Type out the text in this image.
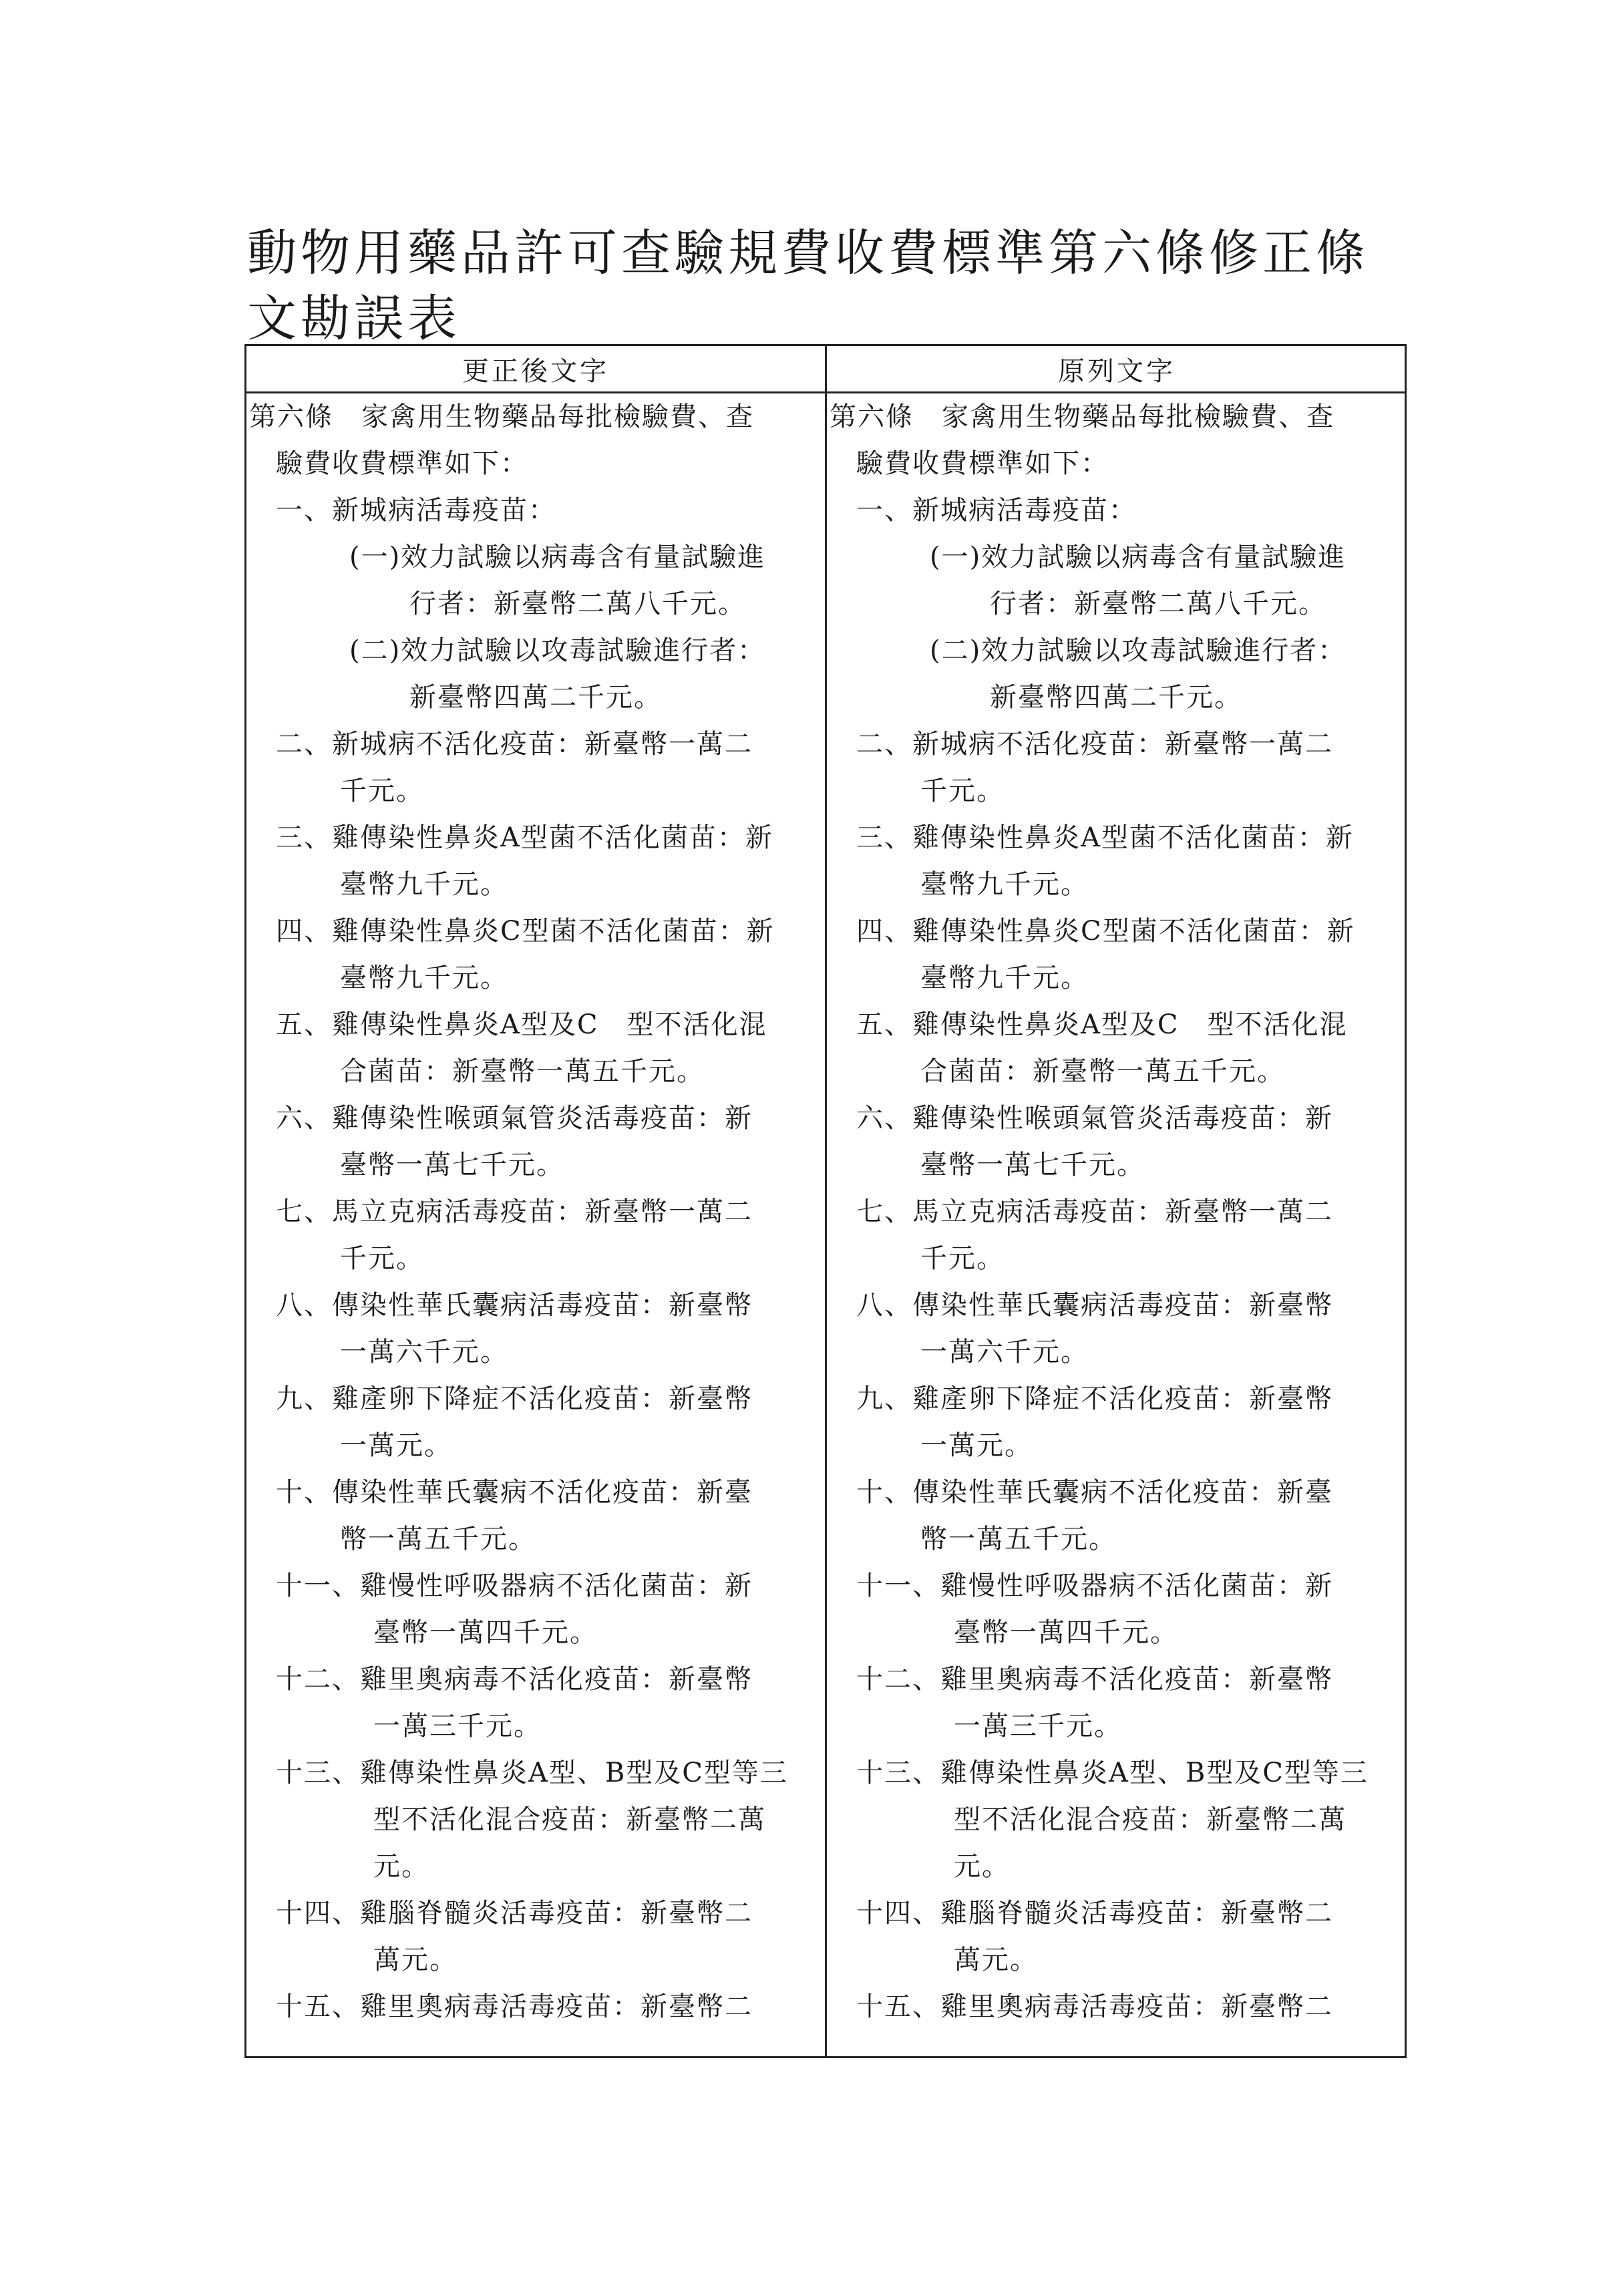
動物用藥品許可查驗規費收費標準第六條修正條
文勘誤表
更正後文字	原列文字
第六條　家禽用生物藥品每批檢驗費、查
驗費收費標準如下：
一、新城病活毒疫苗：
(一)效力試驗以病毒含有量試驗進
行者：新臺幣二萬八千元。
(二)效力試驗以攻毒試驗進行者：
新臺幣四萬二千元。
二、新城病不活化疫苗：新臺幣一萬二
千元。
三、雞傳染性鼻炎A型菌不活化菌苗：新
臺幣九千元。
四、雞傳染性鼻炎C型菌不活化菌苗：新
臺幣九千元。
五、雞傳染性鼻炎A型及C　型不活化混
合菌苗：新臺幣一萬五千元。
六、雞傳染性喉頭氣管炎活毒疫苗：新
臺幣一萬七千元。
七、馬立克病活毒疫苗：新臺幣一萬二
千元。
八、傳染性華氏囊病活毒疫苗：新臺幣
一萬六千元。
九、雞產卵下降症不活化疫苗：新臺幣
一萬元。
十、傳染性華氏囊病不活化疫苗：新臺
幣一萬五千元。
十一、雞慢性呼吸器病不活化菌苗：新
臺幣一萬四千元。
十二、雞里奧病毒不活化疫苗：新臺幣
一萬三千元。
十三、雞傳染性鼻炎A型、B型及C型等三
型不活化混合疫苗：新臺幣二萬
元。
十四、雞腦脊髓炎活毒疫苗：新臺幣二
萬元。
十五、雞里奧病毒活毒疫苗：新臺幣二
第六條　家禽用生物藥品每批檢驗費、查
驗費收費標準如下：
一、新城病活毒疫苗：
(一)效力試驗以病毒含有量試驗進
行者：新臺幣二萬八千元。
(二)效力試驗以攻毒試驗進行者：
新臺幣四萬二千元。
二、新城病不活化疫苗：新臺幣一萬二
千元。
三、雞傳染性鼻炎A型菌不活化菌苗：新
臺幣九千元。
四、雞傳染性鼻炎C型菌不活化菌苗：新
臺幣九千元。
五、雞傳染性鼻炎A型及C　型不活化混
合菌苗：新臺幣一萬五千元。
六、雞傳染性喉頭氣管炎活毒疫苗：新
臺幣一萬七千元。
七、馬立克病活毒疫苗：新臺幣一萬二
千元。
八、傳染性華氏囊病活毒疫苗：新臺幣
一萬六千元。
九、雞產卵下降症不活化疫苗：新臺幣
一萬元。
十、傳染性華氏囊病不活化疫苗：新臺
幣一萬五千元。
十一、雞慢性呼吸器病不活化菌苗：新
臺幣一萬四千元。
十二、雞里奧病毒不活化疫苗：新臺幣
一萬三千元。
十三、雞傳染性鼻炎A型、B型及C型等三
型不活化混合疫苗：新臺幣二萬
元。
十四、雞腦脊髓炎活毒疫苗：新臺幣二
萬元。
十五、雞里奧病毒活毒疫苗：新臺幣二
